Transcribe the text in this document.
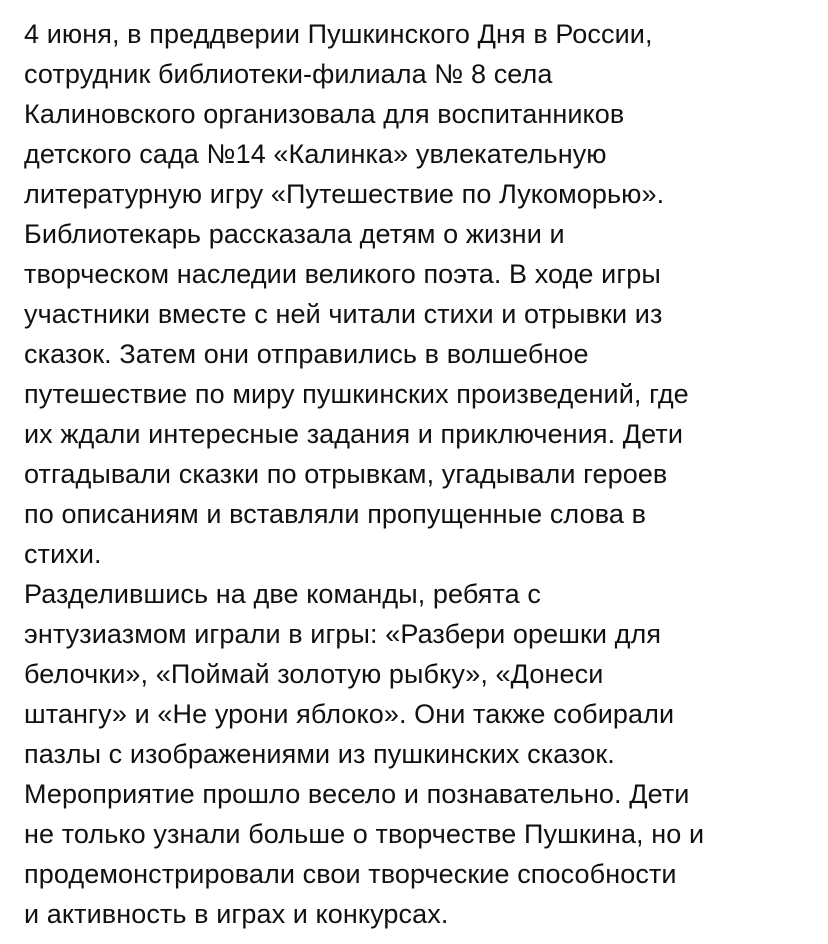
4 июня, в преддверии Пушкинского Дня в России,
сотрудник библиотеки-филиала № 8 села
Калиновского организовала для воспитанников
детского сада №14 «Калинка» увлекательную
литературную игру «Путешествие по Лукоморью».
Библиотекарь рассказала детям о жизни и
творческом наследии великого поэта. В ходе игры
участники вместе с ней читали стихи и отрывки из
сказок. Затем они отправились в волшебное
путешествие по миру пушкинских произведений, где
их ждали интересные задания и приключения. Дети
отгадывали сказки по отрывкам, угадывали героев
по описаниям и вставляли пропущенные слова в
стихи.
Разделившись на две команды, ребята с
энтузиазмом играли в игры: «Разбери орешки для
белочки», «Поймай золотую рыбку», «Донеси
штангу» и «Не урони яблоко». Они также собирали
пазлы с изображениями из пушкинских сказок.
Мероприятие прошло весело и познавательно. Дети
не только узнали больше о творчестве Пушкина, но и
продемонстрировали свои творческие способности
и активность в играх и конкурсах.
